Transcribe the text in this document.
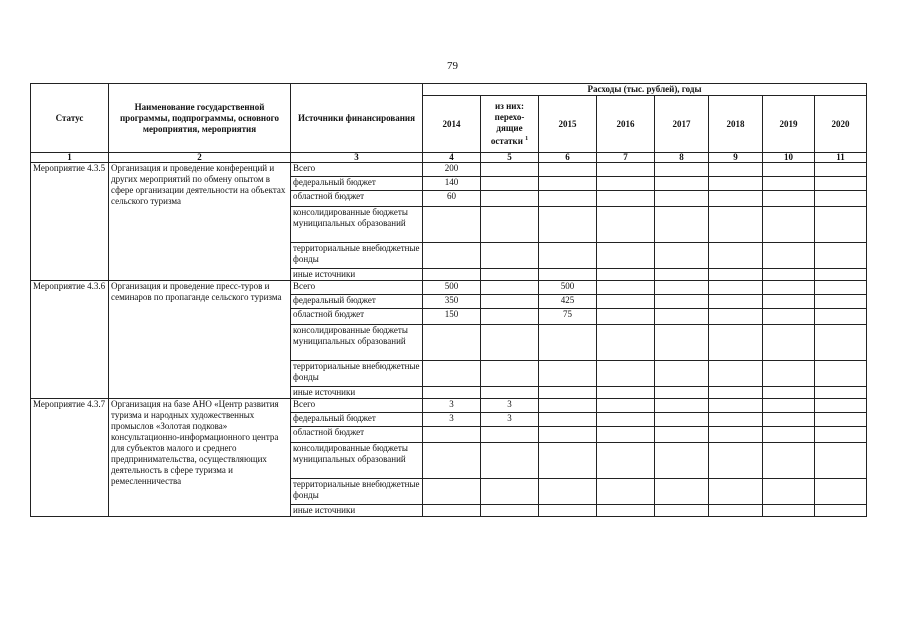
79
Статус	Наименование государственной программы, подпрограммы, основного мероприятия, мероприятия	Источники финансирования	Расходы (тыс. рублей), годы								
			2014	из них: перехо-дящие остатки $^1$	2015	2016	2017	2018	2019	2020	
1	2	3	4	5	6	7	8	9	10	11	
Мероприятие 4.3.5	Организация и проведение конференций и других мероприятий по обмену опытом в сфере организации деятельности на объектах сельского туризма	Всего	200								
		федеральный бюджет	140								
		областной бюджет	60								
		консолидированные бюджеты муниципальных образований									
		территориальные внебюджетные фонды									
		иные источники									
Мероприятие 4.3.6	Организация и проведение пресс-туров и семинаров по пропаганде сельского туризма	Всего	500		500						
		федеральный бюджет	350		425						
		областной бюджет	150		75						
		консолидированные бюджеты муниципальных образований									
		территориальные внебюджетные фонды									
		иные источники									
Мероприятие 4.3.7	Организация на базе АНО «Центр развития туризма и народных художественных промыслов «Золотая подкова» консультационно-информационного центра для субъектов малого и среднего предпринимательства, осуществляющих деятельность в сфере туризма и ремесленничества	Всего	3	3							
		федеральный бюджет	3	3							
		областной бюджет									
		консолидированные бюджеты муниципальных образований									
		территориальные внебюджетные фонды									
		иные источники									
